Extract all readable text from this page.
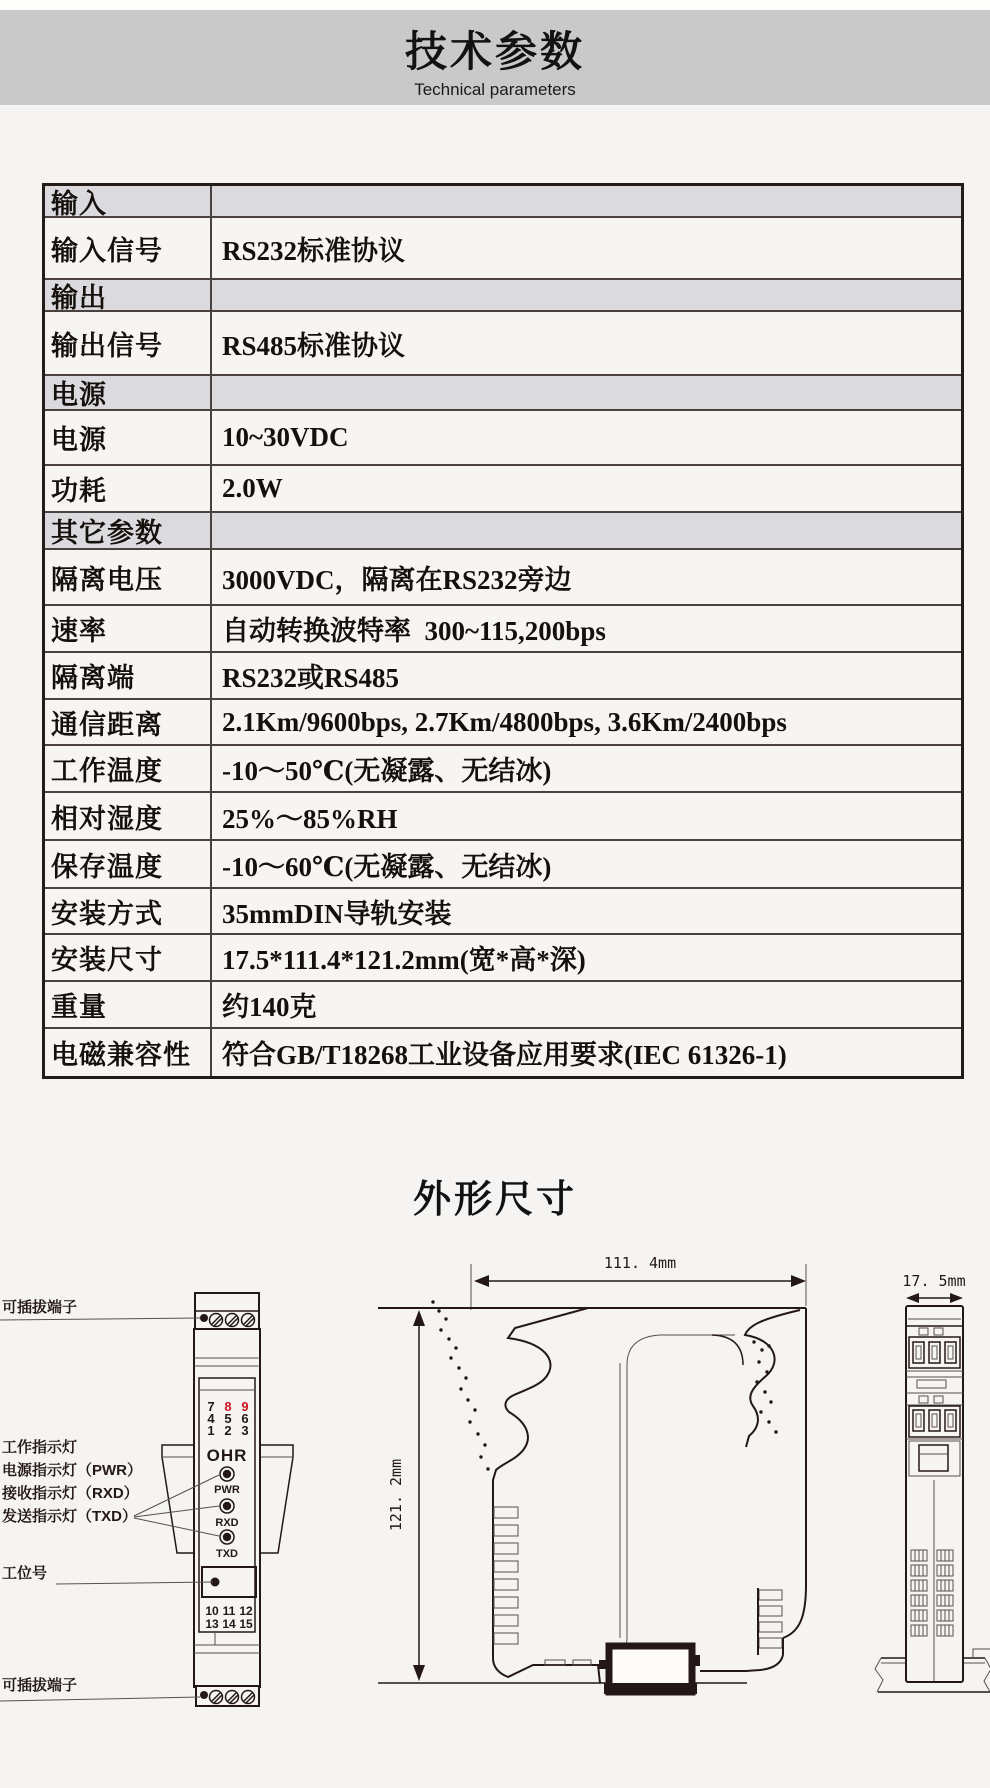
技术参数
Technical parameters
输入
输入信号	RS232标准协议
输出
输出信号	RS485标准协议
电源
电源	10~30VDC
功耗	2.0W
其它参数
隔离电压	3000VDC，隔离在RS232旁边
速率	自动转换波特率  300~115,200bps
隔离端	RS232或RS485
通信距离	2.1Km/9600bps, 2.7Km/4800bps, 3.6Km/2400bps
工作温度	-10～50℃(无凝露、无结冰)
相对湿度	25%～85%RH
保存温度	-10～60℃(无凝露、无结冰)
安装方式	35mmDIN导轨安装
安装尺寸	17.5*111.4*121.2mm(宽*高*深)
重量	约140克
电磁兼容性	符合GB/T18268工业设备应用要求(IEC 61326-1)
外形尺寸
7 8 9
4 5 6
1 2 3
OHR
PWR
RXD
TXD
10 11 12
13 14 15
可插拔端子
工作指示灯
电源指示灯（PWR）
接收指示灯（RXD）
发送指示灯（TXD）
工位号
可插拔端子
111. 4mm
121. 2mm
17. 5mm
